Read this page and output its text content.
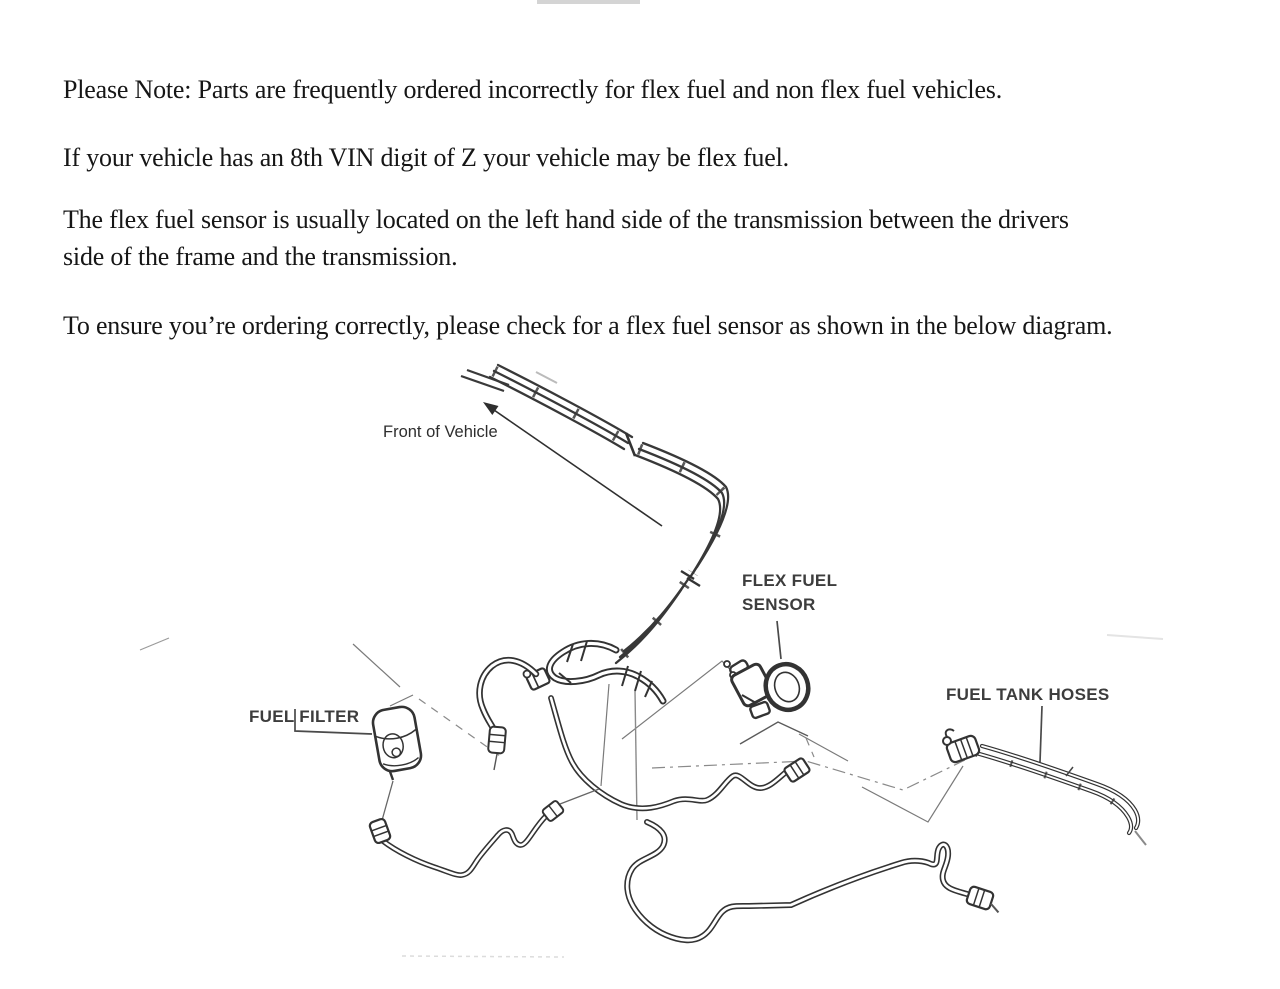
Please Note: Parts are frequently ordered incorrectly for flex fuel and non flex fuel vehicles.
If your vehicle has an 8th VIN digit of Z your vehicle may be flex fuel.
The flex fuel sensor is usually located on the left hand side of the transmission between the drivers
side of the frame and the transmission.
To ensure you’re ordering correctly, please check for a flex fuel sensor as shown in the below diagram.
Front of Vehicle
FLEX FUEL
SENSOR
FUEL FILTER
FUEL TANK HOSES
